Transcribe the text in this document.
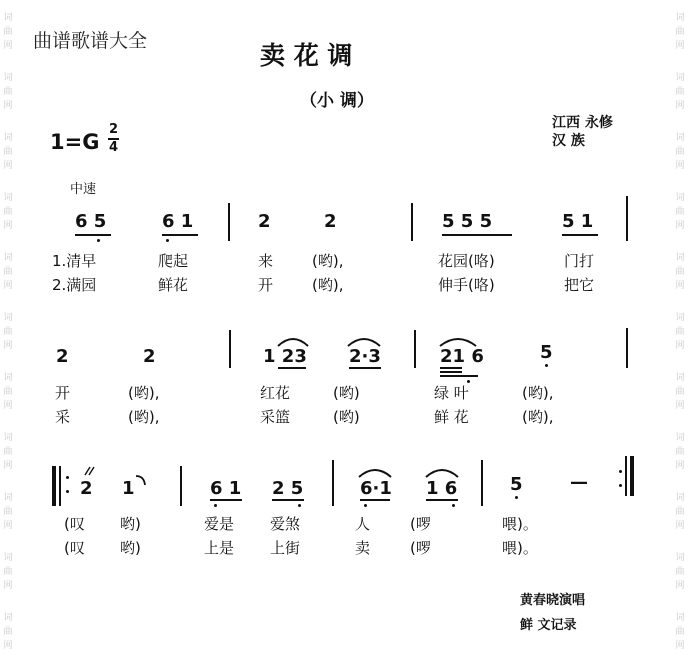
词
曲
网
词
曲
网
词
曲
网
词
曲
网
词
曲
网
词
曲
网
词
曲
网
词
曲
网
词
曲
网
词
曲
网
词
曲
网
词
曲
网
词
曲
网
词
曲
网
词
曲
网
词
曲
网
词
曲
网
词
曲
网
词
曲
网
词
曲
网
词
曲
网
词
曲
网
曲谱歌谱大全	卖 花 调
（小 调）
江西 永修
汉 族
1=G
2
4
中速
6 5	6 1	2	2	5 5 5	5 1
1.清早	爬起	来	(哟),	花园(咯)	门打
2.满园	鲜花	开	(哟),	伸手(咯)	把它
2	2	1 23 2·3	21 6	5
开	(哟),	红花	(哟)	绿 叶	(哟),
采	(哟),	采篮	(哟)	鲜 花	(哟),
2 1	6 1 2 5	6·1 1 6	5	—
(叹 哟)	爱是 爱煞	人	(啰	喂)。
(叹 哟)	上是 上街	卖	(啰	喂)。
黄春晓演唱
鲜 文记录
